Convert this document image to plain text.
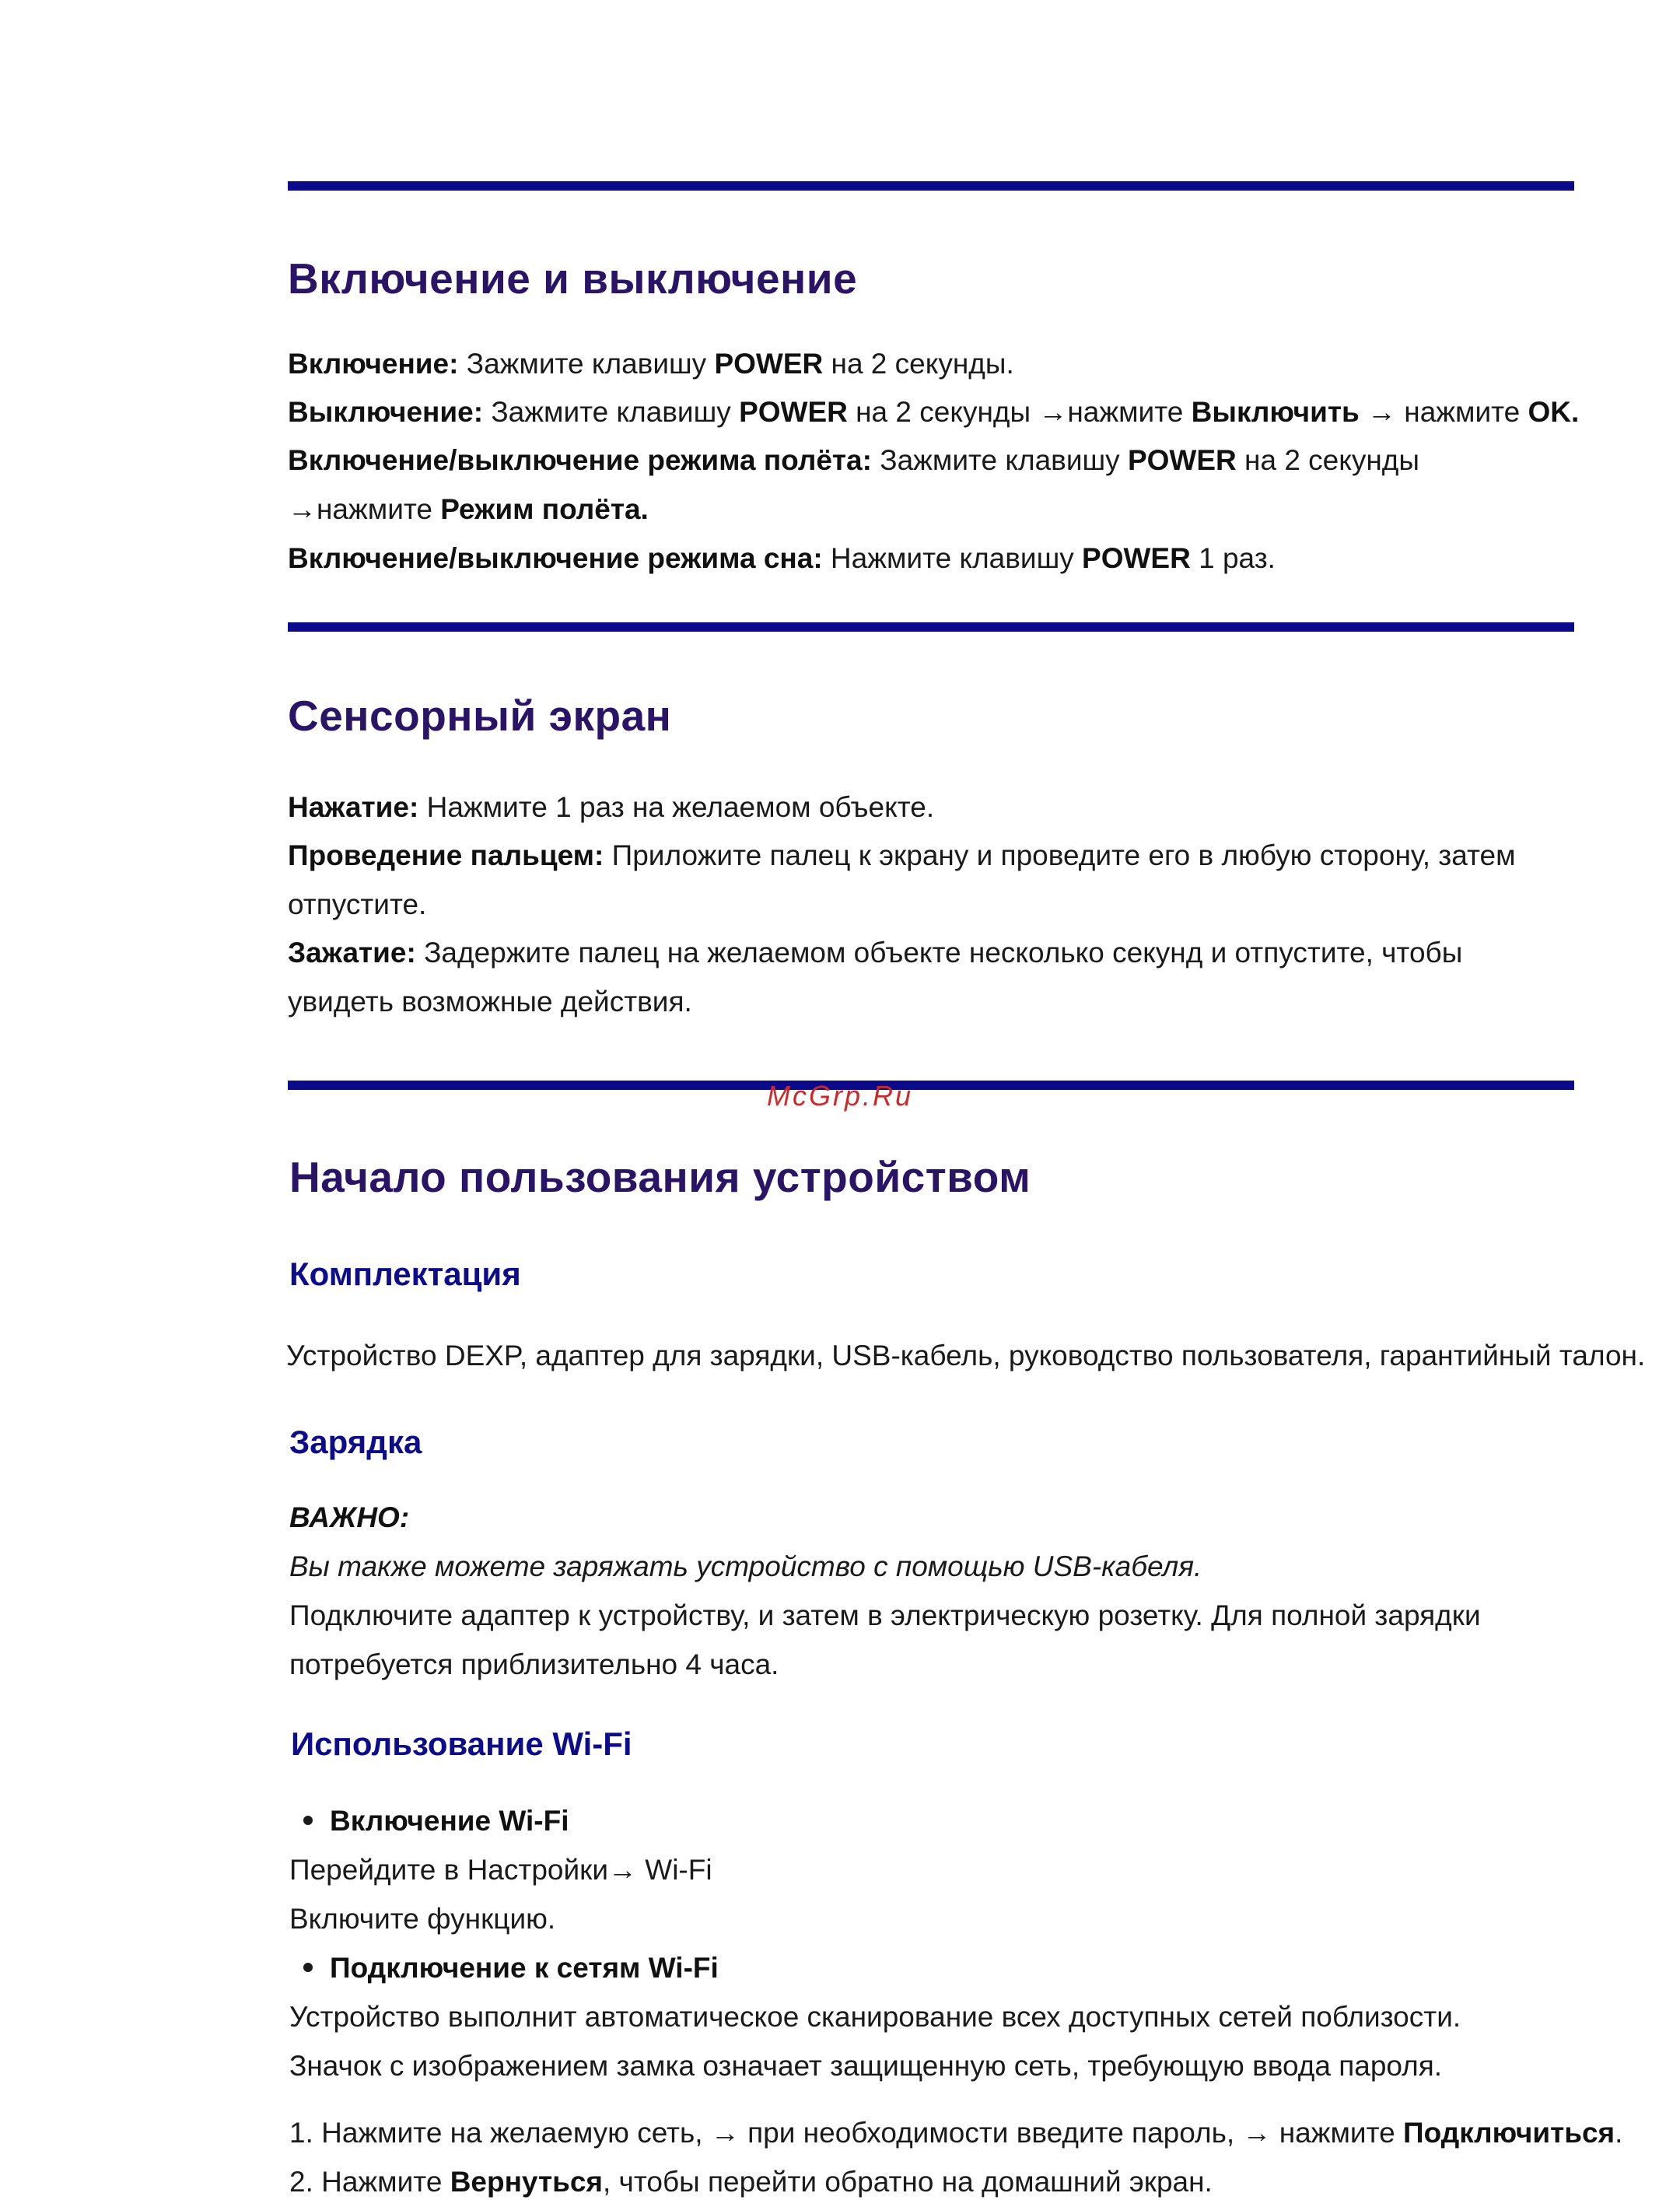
Включение и выключение
Включение: Зажмите клавишу POWER на 2 секунды.
Выключение: Зажмите клавишу POWER на 2 секунды →нажмите Выключить → нажмите OK.
Включение/выключение режима полёта: Зажмите клавишу POWER на 2 секунды
→нажмите Режим полёта.
Включение/выключение режима сна: Нажмите клавишу POWER 1 раз.
Сенсорный экран
Нажатие: Нажмите 1 раз на желаемом объекте.
Проведение пальцем: Приложите палец к экрану и проведите его в любую сторону, затем
отпустите.
Зажатие: Задержите палец на желаемом объекте несколько секунд и отпустите, чтобы
увидеть возможные действия.
Начало пользования устройством
Комплектация
Устройство DEXP, адаптер для зарядки, USB-кабель, руководство пользователя, гарантийный талон.
Зарядка
ВАЖНО:
Вы также можете заряжать устройство с помощью USB-кабеля.
Подключите адаптер к устройству, и затем в электрическую розетку. Для полной зарядки
потребуется приблизительно 4 часа.
Использование Wi-Fi
Включение Wi-Fi
Перейдите в Настройки→ Wi-Fi
Включите функцию.
Подключение к сетям Wi-Fi
Устройство выполнит автоматическое сканирование всех доступных сетей поблизости.
Значок с изображением замка означает защищенную сеть, требующую ввода пароля.
1. Нажмите на желаемую сеть, → при необходимости введите пароль, → нажмите Подключиться.
2. Нажмите Вернуться, чтобы перейти обратно на домашний экран.
McGrp.Ru
